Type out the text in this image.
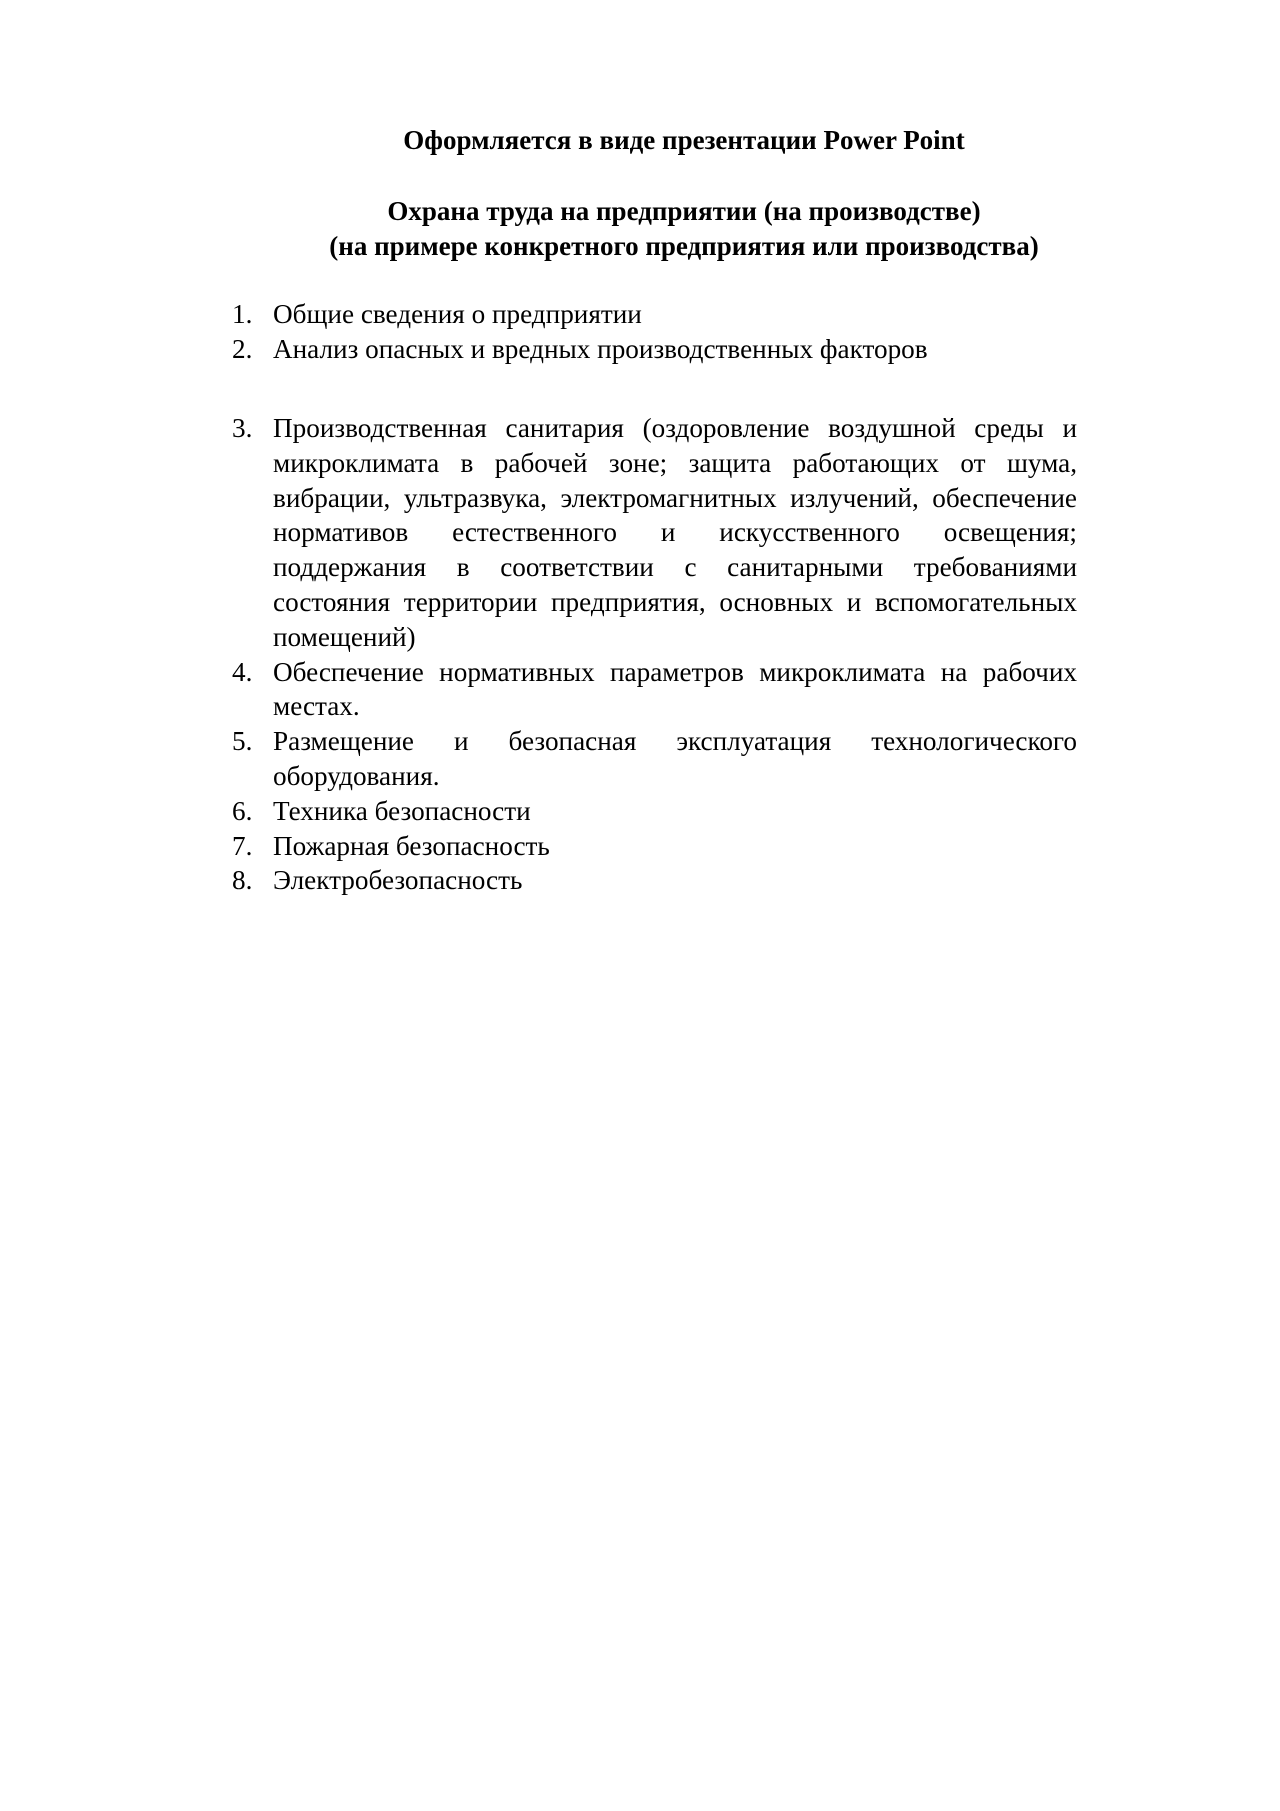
Оформляется в виде презентации Power Point
Охрана труда на предприятии (на производстве)
(на примере конкретного предприятия или производства)
1. Общие сведения о предприятии
2. Анализ опасных и вредных производственных факторов
3. Производственная санитария (оздоровление воздушной среды и микроклимата в рабочей зоне; защита работающих от шума, вибрации, ультразвука, электромагнитных излучений, обеспечение нормативов естественного и искусственного освещения; поддержания в соответствии с санитарными требованиями состояния территории предприятия, основных и вспомогательных помещений)
4. Обеспечение нормативных параметров микроклимата на рабочих местах.
5. Размещение и безопасная эксплуатация технологического оборудования.
6. Техника безопасности
7. Пожарная безопасность
8. Электробезопасность
